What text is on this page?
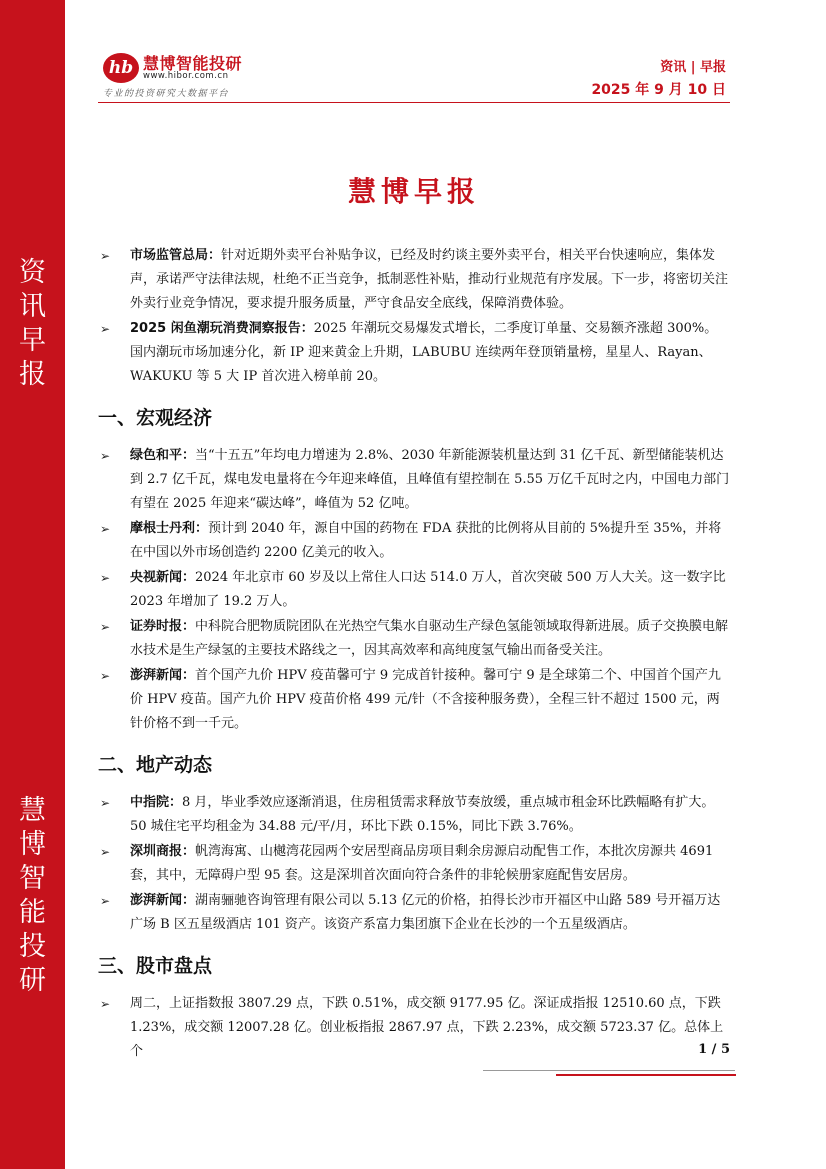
资
讯
早
报
慧
博
智
能
投
研
hb 慧博智能投研
www.hibor.com.cn
专业的投资研究大数据平台
资讯 | 早报
2025 年 9 月 10 日
慧博早报
➢ 市场监管总局：针对近期外卖平台补贴争议，已经及时约谈主要外卖平台，相关平台快速响应，集体发声，承诺严守法律法规，杜绝不正当竞争，抵制恶性补贴，推动行业规范有序发展。下一步，将密切关注外卖行业竞争情况，要求提升服务质量，严守食品安全底线，保障消费体验。
➢ 2025 闲鱼潮玩消费洞察报告：2025 年潮玩交易爆发式增长，二季度订单量、交易额齐涨超 300%。国内潮玩市场加速分化，新 IP 迎来黄金上升期，LABUBU 连续两年登顶销量榜，星星人、Rayan、WAKUKU 等 5 大 IP 首次进入榜单前 20。
一、宏观经济
➢ 绿色和平：当“十五五”年均电力增速为 2.8%、2030 年新能源装机量达到 31 亿千瓦、新型储能装机达到 2.7 亿千瓦，煤电发电量将在今年迎来峰值，且峰值有望控制在 5.55 万亿千瓦时之内，中国电力部门有望在 2025 年迎来“碳达峰”，峰值为 52 亿吨。
➢ 摩根士丹利：预计到 2040 年，源自中国的药物在 FDA 获批的比例将从目前的 5%提升至 35%，并将在中国以外市场创造约 2200 亿美元的收入。
➢ 央视新闻：2024 年北京市 60 岁及以上常住人口达 514.0 万人，首次突破 500 万人大关。这一数字比 2023 年增加了 19.2 万人。
➢ 证券时报：中科院合肥物质院团队在光热空气集水自驱动生产绿色氢能领域取得新进展。质子交换膜电解水技术是生产绿氢的主要技术路线之一，因其高效率和高纯度氢气输出而备受关注。
➢ 澎湃新闻：首个国产九价 HPV 疫苗馨可宁 9 完成首针接种。馨可宁 9 是全球第二个、中国首个国产九价 HPV 疫苗。国产九价 HPV 疫苗价格 499 元/针（不含接种服务费），全程三针不超过 1500 元，两针价格不到一千元。
二、地产动态
➢ 中指院：8 月，毕业季效应逐渐消退，住房租赁需求释放节奏放缓，重点城市租金环比跌幅略有扩大。50 城住宅平均租金为 34.88 元/平/月，环比下跌 0.15%，同比下跌 3.76%。
➢ 深圳商报：帆湾海寓、山樾湾花园两个安居型商品房项目剩余房源启动配售工作，本批次房源共 4691 套，其中，无障碍户型 95 套。这是深圳首次面向符合条件的非轮候册家庭配售安居房。
➢ 澎湃新闻：湖南骊驰咨询管理有限公司以 5.13 亿元的价格，拍得长沙市开福区中山路 589 号开福万达广场 B 区五星级酒店 101 资产。该资产系富力集团旗下企业在长沙的一个五星级酒店。
三、股市盘点
➢ 周二，上证指数报 3807.29 点，下跌 0.51%，成交额 9177.95 亿。深证成指报 12510.60 点，下跌 1.23%，成交额 12007.28 亿。创业板指报 2867.97 点，下跌 2.23%，成交额 5723.37 亿。总体上个	1 / 5
